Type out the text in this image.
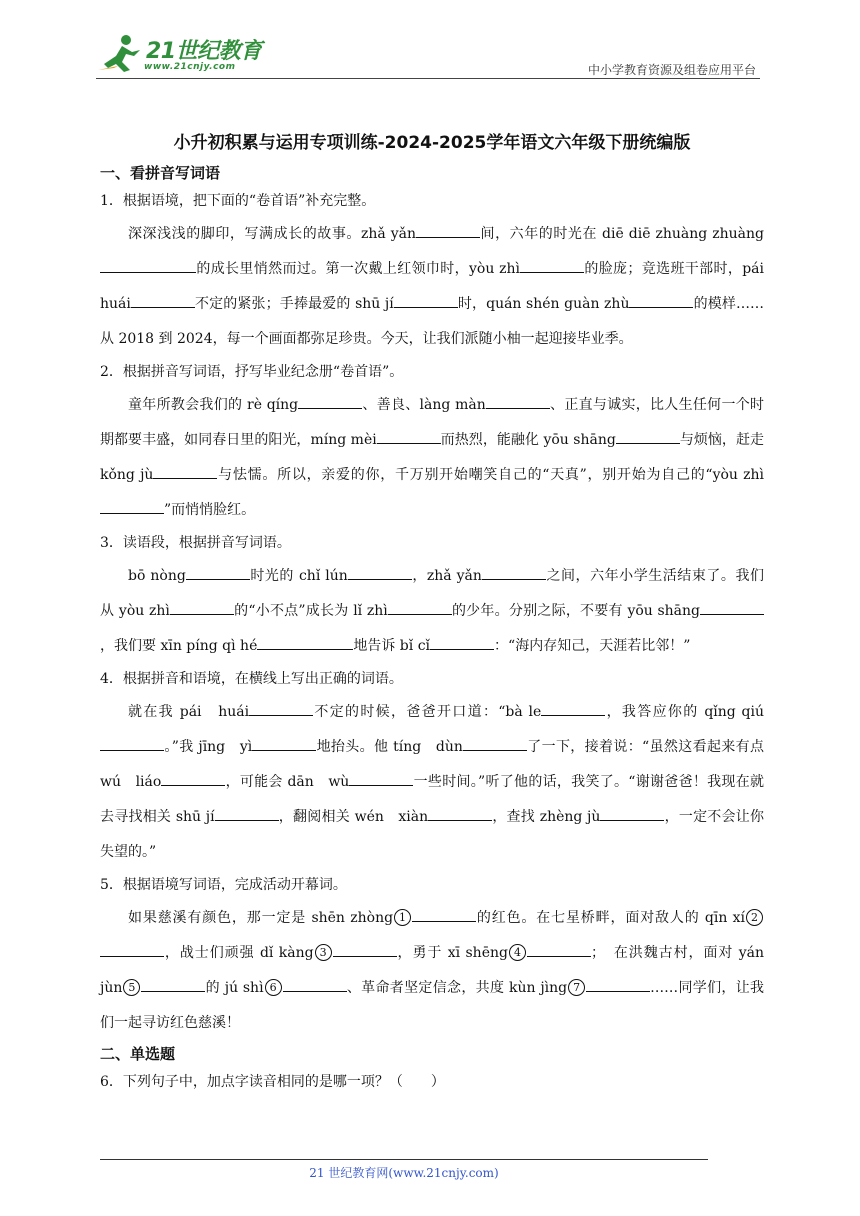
21世纪教育
www.21cnjy.com	中小学教育资源及组卷应用平台
小升初积累与运用专项训练-2024-2025学年语文六年级下册统编版

一、看拼音写词语

1．根据语境，把下面的“卷首语”补充完整。

深深浅浅的脚印，写满成长的故事。zhǎ yǎn	间，六年的时光在 diē diē zhuàng zhuàng的成长里悄然而过。第一次戴上红领巾时，yòu zhì	的脸庞；竞选班干部时，pái　huái	不定的紧张；手捧最爱的 shū jí	时，quán shén guàn zhù	的模样……从 2018 到 2024，每一个画面都弥足珍贵。今天，让我们派随小柚一起迎接毕业季。

2．根据拼音写词语，抒写毕业纪念册“卷首语”。

童年所教会我们的 rè qíng	、善良、làng màn	、正直与诚实，比人生任何一个时期都要丰盛，如同春日里的阳光，míng mèi	而热烈，能融化 yōu shāng	与烦恼，赶走 kǒng jù	与怯懦。所以，亲爱的你，千万别开始嘲笑自己的“天真”，别开始为自己的“yòu zhì”而悄悄脸红。

3．读语段，根据拼音写词语。

bō nòng	时光的 chǐ lún	，zhǎ yǎn	之间，六年小学生活结束了。我们从 yòu zhì	的“小不点”成长为 lǐ zhì	的少年。分别之际，不要有 yōu shāng，我们要 xīn píng qì hé	地告诉 bǐ cǐ	：“海内存知己，天涯若比邻！”

4．根据拼音和语境，在横线上写出正确的词语。

就在我 pái　huái	不定的时候，爸爸开口道：“bà le	，我答应你的 qǐng qiú。”我 jīng　yì	地抬头。他 tíng　dùn	了一下，接着说：“虽然这看起来有点 wú　liáo	，可能会 dān　wù	一些时间。”听了他的话，我笑了。“谢谢爸爸！我现在就去寻找相关 shū jí	，翻阅相关 wén　xiàn	，查找 zhèng jù	，一定不会让你失望的。”

5．根据语境写词语，完成活动开幕词。

如果慈溪有颜色，那一定是 shēn zhòng 1	的红色。在七星桥畔，面对敌人的 qīn xí 2，战士们顽强 dǐ kàng 3	，勇于 xī shēng 4	；　在洪魏古村，面对 yán jùn 5	的 jú shì 6	、革命者坚定信念，共度 kùn jìng 7	……同学们，让我们一起寻访红色慈溪！

二、单选题

6．下列句子中，加点字读音相同的是哪一项？（　　）

21 世纪教育网(www.21cnjy.com)
